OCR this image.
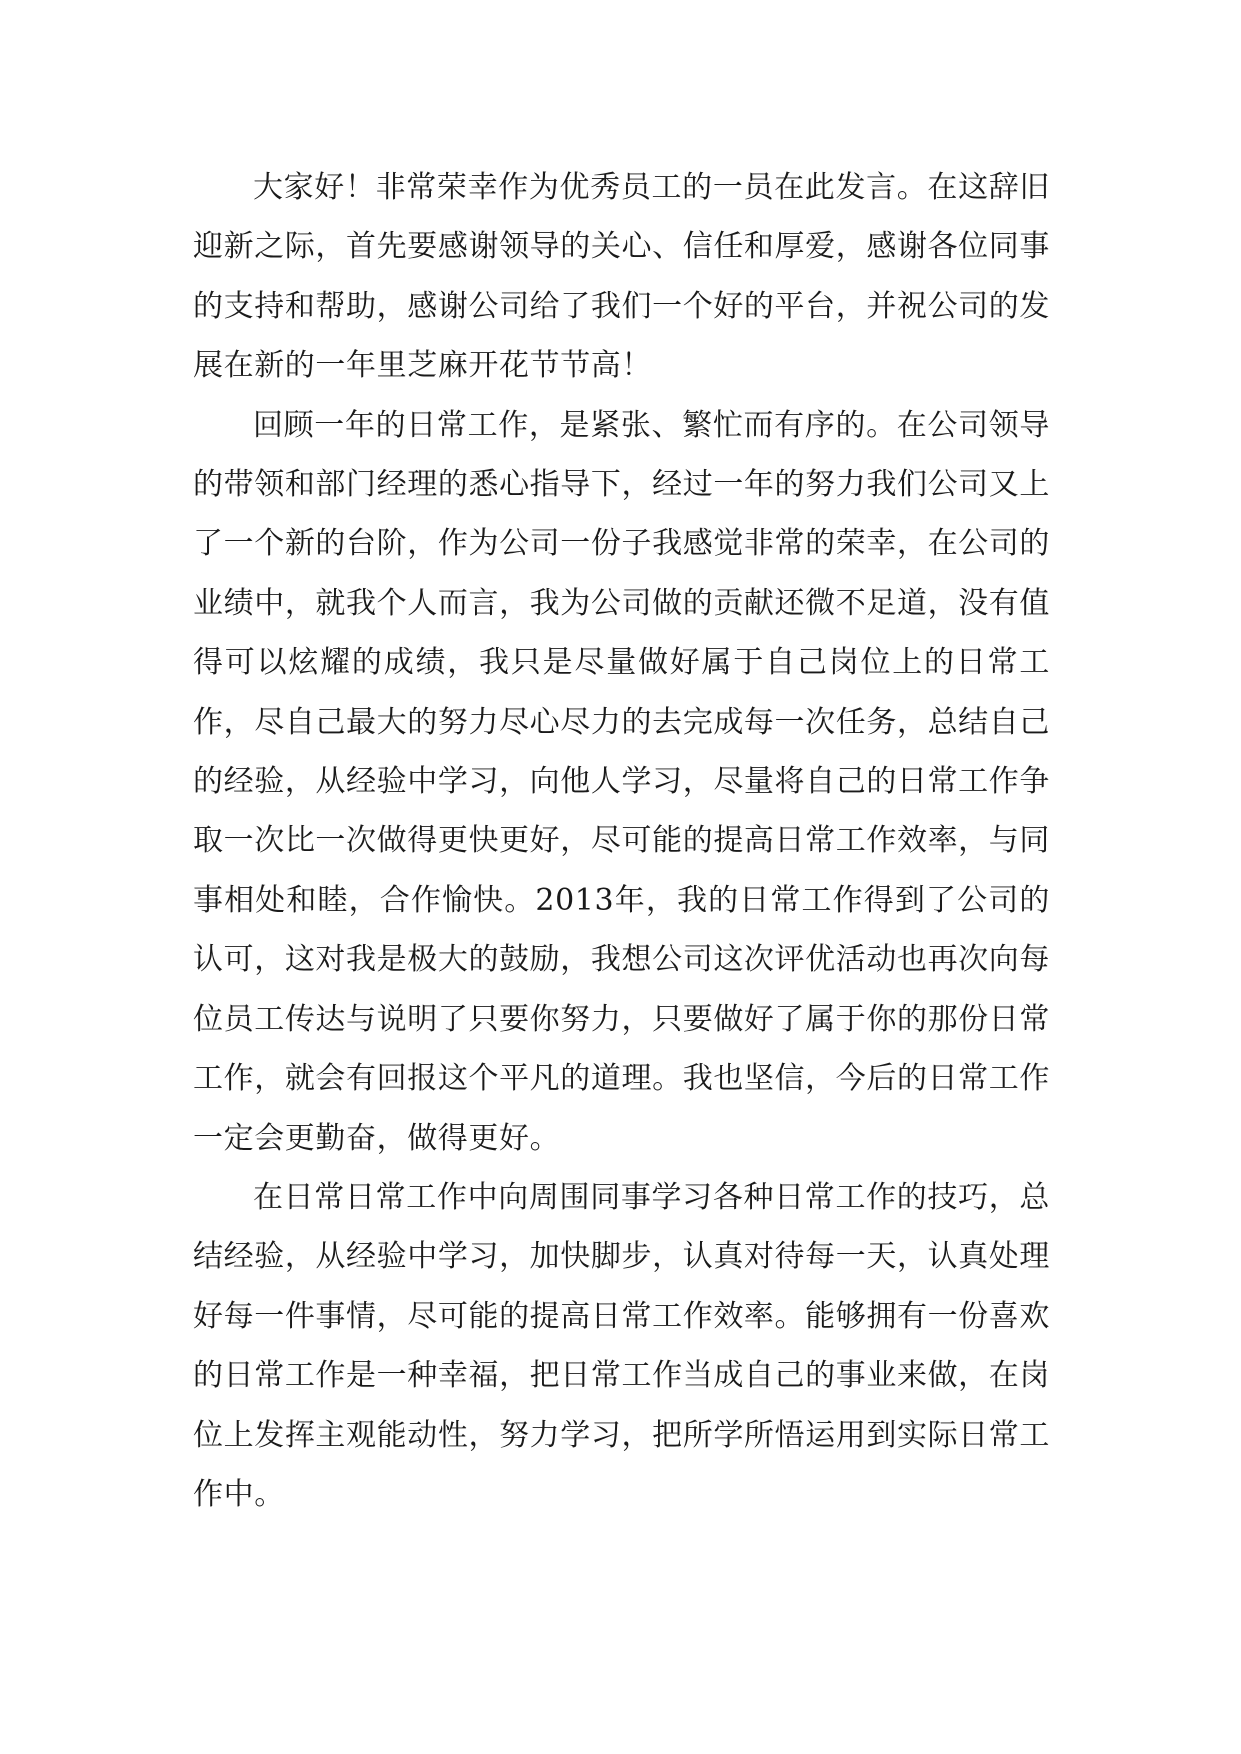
大家好！非常荣幸作为优秀员工的一员在此发言。在这辞旧迎新之际，首先要感谢领导的关心、信任和厚爱，感谢各位同事的支持和帮助，感谢公司给了我们一个好的平台，并祝公司的发展在新的一年里芝麻开花节节高！

回顾一年的日常工作，是紧张、繁忙而有序的。在公司领导的带领和部门经理的悉心指导下，经过一年的努力我们公司又上了一个新的台阶，作为公司一份子我感觉非常的荣幸，在公司的业绩中，就我个人而言，我为公司做的贡献还微不足道，没有值得可以炫耀的成绩，我只是尽量做好属于自己岗位上的日常工作，尽自己最大的努力尽心尽力的去完成每一次任务，总结自己的经验，从经验中学习，向他人学习，尽量将自己的日常工作争取一次比一次做得更快更好，尽可能的提高日常工作效率，与同事相处和睦，合作愉快。2013年，我的日常工作得到了公司的认可，这对我是极大的鼓励，我想公司这次评优活动也再次向每位员工传达与说明了只要你努力，只要做好了属于你的那份日常工作，就会有回报这个平凡的道理。我也坚信，今后的日常工作一定会更勤奋，做得更好。

在日常日常工作中向周围同事学习各种日常工作的技巧，总结经验，从经验中学习，加快脚步，认真对待每一天，认真处理好每一件事情，尽可能的提高日常工作效率。能够拥有一份喜欢的日常工作是一种幸福，把日常工作当成自己的事业来做，在岗位上发挥主观能动性，努力学习，把所学所悟运用到实际日常工作中。
